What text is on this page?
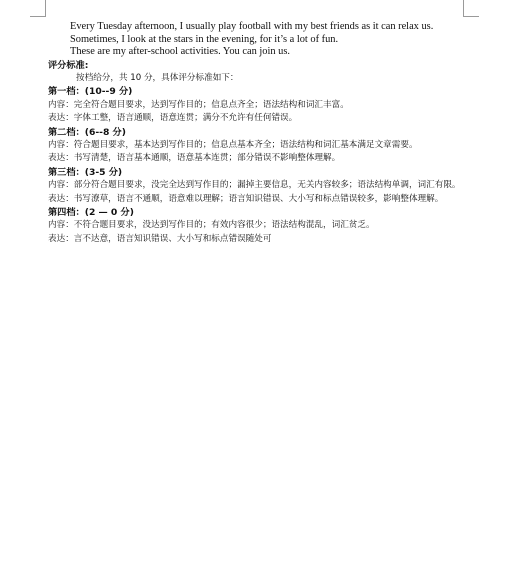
Every Tuesday afternoon, I usually play football with my best friends as it can relax us.
Sometimes, I look at the stars in the evening, for it’s a lot of fun.
These are my after-school activities. You can join us.
评分标准:
按档给分，共 10 分，具体评分标准如下：
第一档：(10--9 分)
内容：完全符合题目要求，达到写作目的；信息点齐全；语法结构和词汇丰富。
表达：字体工整，语言通顺，语意连贯；满分不允许有任何错误。
第二档：(6--8 分)
内容：符合题目要求，基本达到写作目的；信息点基本齐全；语法结构和词汇基本满足文章需要。
表达：书写清楚，语言基本通顺，语意基本连贯；部分错误不影响整体理解。
第三档：(3-5 分)
内容：部分符合题目要求，没完全达到写作目的；漏掉主要信息，无关内容较多；语法结构单调，词汇有限。
表达：书写潦草，语言不通顺，语意难以理解；语言知识错误、大小写和标点错误较多，影响整体理解。
第四档：(2 — 0 分)
内容：不符合题目要求，没达到写作目的；有效内容很少；语法结构混乱，词汇贫乏。
表达：言不达意，语言知识错误、大小写和标点错误随处可
